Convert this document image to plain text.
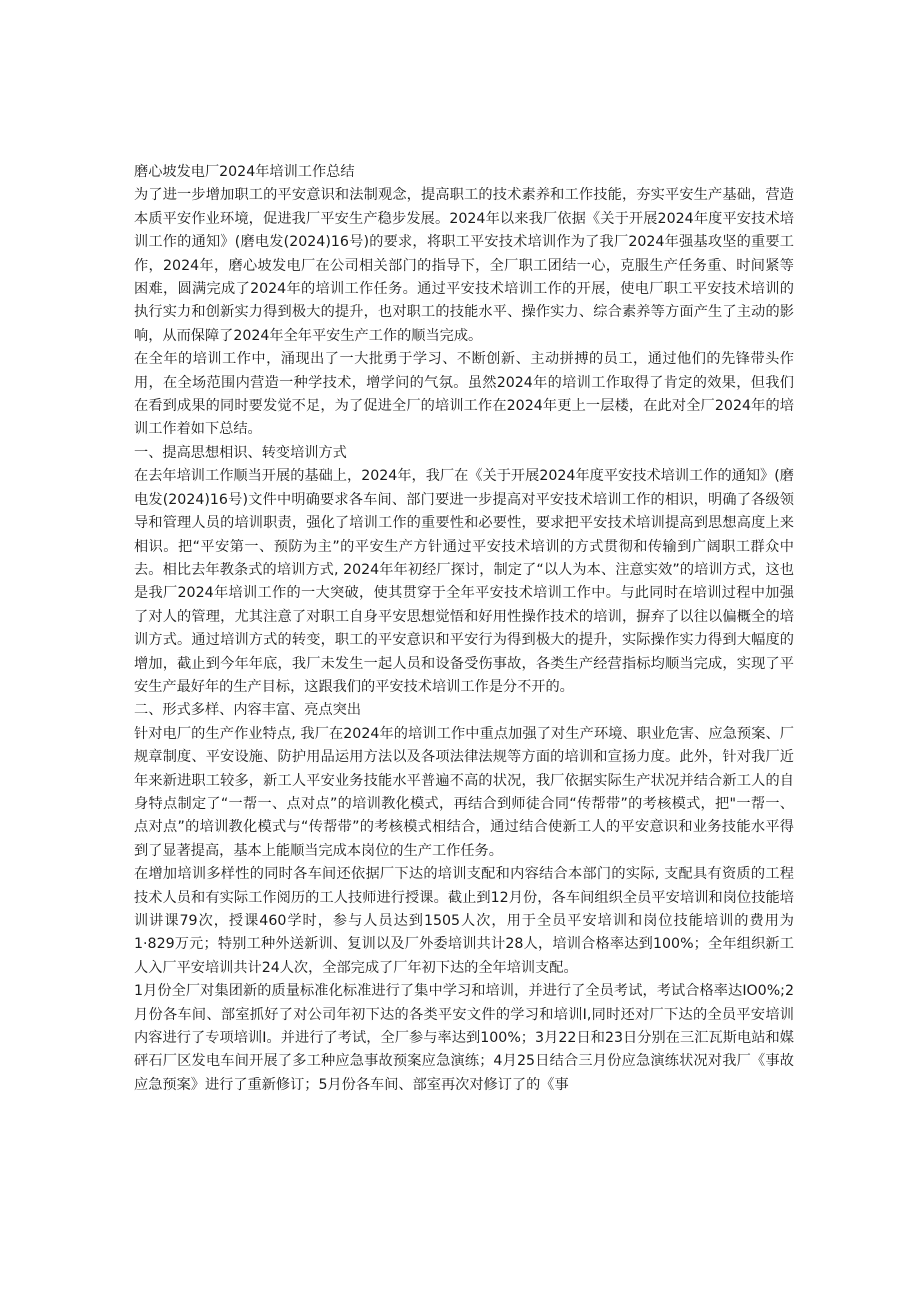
磨心坡发电厂2024年培训工作总结

为了进一步增加职工的平安意识和法制观念，提高职工的技术素养和工作技能，夯实平安生产基础，营造本质平安作业环境，促进我厂平安生产稳步发展。2024年以来我厂依据《关于开展2024年度平安技术培训工作的通知》(磨电发(2024)16号)的要求，将职工平安技术培训作为了我厂2024年强基攻坚的重要工作，2024年，磨心坡发电厂在公司相关部门的指导下，全厂职工团结一心，克服生产任务重、时间紧等困难，圆满完成了2024年的培训工作任务。通过平安技术培训工作的开展，使电厂职工平安技术培训的执行实力和创新实力得到极大的提升，也对职工的技能水平、操作实力、综合素养等方面产生了主动的影响，从而保障了2024年全年平安生产工作的顺当完成。

在全年的培训工作中，涌现出了一大批勇于学习、不断创新、主动拼搏的员工，通过他们的先锋带头作用，在全场范围内营造一种学技术，增学问的气氛。虽然2024年的培训工作取得了肯定的效果，但我们在看到成果的同时要发觉不足，为了促进全厂的培训工作在2024年更上一层楼，在此对全厂2024年的培训工作着如下总结。

一、提高思想相识、转变培训方式

在去年培训工作顺当开展的基础上，2024年，我厂在《关于开展2024年度平安技术培训工作的通知》(磨电发(2024)16号)文件中明确要求各车间、部门要进一步提高对平安技术培训工作的相识，明确了各级领导和管理人员的培训职责，强化了培训工作的重要性和必要性，要求把平安技术培训提高到思想高度上来相识。把“平安第一、预防为主”的平安生产方针通过平安技术培训的方式贯彻和传输到广阔职工群众中去。相比去年教条式的培训方式, 2024年年初经厂探讨，制定了“以人为本、注意实效”的培训方式，这也是我厂2024年培训工作的一大突破，使其贯穿于全年平安技术培训工作中。与此同时在培训过程中加强了对人的管理，尤其注意了对职工自身平安思想觉悟和好用性操作技术的培训，摒弃了以往以偏概全的培训方式。通过培训方式的转变，职工的平安意识和平安行为得到极大的提升，实际操作实力得到大幅度的增加，截止到今年年底，我厂未发生一起人员和设备受伤事故，各类生产经营指标均顺当完成，实现了平安生产最好年的生产目标，这跟我们的平安技术培训工作是分不开的。

二、形式多样、内容丰富、亮点突出

针对电厂的生产作业特点, 我厂在2024年的培训工作中重点加强了对生产环境、职业危害、应急预案、厂规章制度、平安设施、防护用品运用方法以及各项法律法规等方面的培训和宣扬力度。此外，针对我厂近年来新进职工较多，新工人平安业务技能水平普遍不高的状况，我厂依据实际生产状况并结合新工人的自身特点制定了“一帮一、点对点”的培训教化模式，再结合到师徒合同“传帮带”的考核模式，把"一帮一、点对点”的培训教化模式与“传帮带”的考核模式相结合，通过结合使新工人的平安意识和业务技能水平得到了显著提高，基本上能顺当完成本岗位的生产工作任务。

在增加培训多样性的同时各车间还依据厂下达的培训支配和内容结合本部门的实际, 支配具有资质的工程技术人员和有实际工作阅历的工人技师进行授课。截止到12月份，各车间组织全员平安培训和岗位技能培训讲课79次，授课460学时，参与人员达到1505人次，用于全员平安培训和岗位技能培训的费用为1·829万元；特别工种外送新训、复训以及厂外委培训共计28人，培训合格率达到100%；全年组织新工人入厂平安培训共计24人次，全部完成了厂年初下达的全年培训支配。

1月份全厂对集团新的质量标准化标准进行了集中学习和培训，并进行了全员考试，考试合格率达IO0%;2月份各车间、部室抓好了对公司年初下达的各类平安文件的学习和培训I,同时还对厂下达的全员平安培训内容进行了专项培训I。并进行了考试，全厂参与率达到100%；3月22日和23日分别在三汇瓦斯电站和媒砰石厂区发电车间开展了多工种应急事故预案应急演练；4月25日结合三月份应急演练状况对我厂《事故应急预案》进行了重新修订；5月份各车间、部室再次对修订了的《事
